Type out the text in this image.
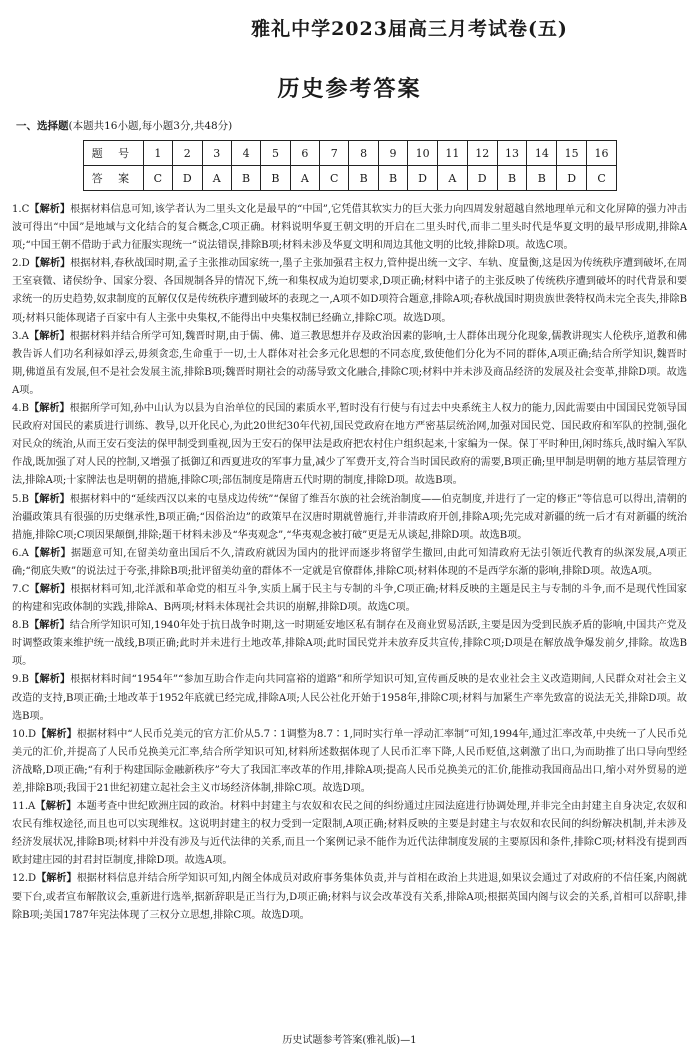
雅礼中学2023届高三月考试卷(五)
历史参考答案
一、选择题(本题共16小题,每小题3分,共48分)
题 号	1	2	3	4	5	6	7	8	9	10	11	12	13	14	15	16
答 案	C	D	A	B	B	A	C	B	B	D	A	D	B	B	D	C

1.C【解析】根据材料信息可知,该学者认为二里头文化是最早的“中国”,它凭借其软实力的巨大张力向四周发射超越自然地理单元和文化屏障的强力冲击波可得出“中国”是地域与文化结合的复合概念,C项正确。材料说明华夏王朝文明的开启在二里头时代,而非二里头时代是华夏文明的最早形成期,排除A项;“中国王朝不借助于武力征服实现统一”说法错误,排除B项;材料未涉及华夏文明和周边其他文明的比较,排除D项。故选C项。

2.D【解析】根据材料,春秋战国时期,孟子主张推动国家统一,墨子主张加强君主权力,管仲提出统一文字、车轨、度量衡,这是因为传统秩序遭到破坏,在周王室衰微、诸侯纷争、国家分裂、各国规制各异的情况下,统一和集权成为迫切要求,D项正确;材料中诸子的主张反映了传统秩序遭到破坏的时代背景和要求统一的历史趋势,奴隶制度的瓦解仅仅是传统秩序遭到破坏的表现之一,A项不如D项符合题意,排除A项;春秋战国时期贵族世袭特权尚未完全丧失,排除B项;材料只能体现诸子百家中有人主张中央集权,不能得出中央集权制已经确立,排除C项。故选D项。

3.A【解析】根据材料并结合所学可知,魏晋时期,由于儒、佛、道三教思想并存及政治因素的影响,士人群体出现分化现象,儒教讲现实人伦秩序,道教和佛教告诉人们功名利禄如浮云,毋须贪恋,生命重于一切,士人群体对社会多元化思想的不同态度,致使他们分化为不同的群体,A项正确;结合所学知识,魏晋时期,佛道虽有发展,但不是社会发展主流,排除B项;魏晋时期社会的动荡导致文化融合,排除C项;材料中并未涉及商品经济的发展及社会变革,排除D项。故选A项。

4.B【解析】根据所学可知,孙中山认为以县为自治单位的民国的素质水平,暂时没有行使与有过去中央系统主人权力的能力,因此需要由中国国民党领导国民政府对国民的素质进行训练、教导,以开化民心,为此20世纪30年代初,国民党政府在地方严密基层统治网,加强对国民党、国民政府和军队的控制,强化对民众的统治,从而王安石变法的保甲制受到重视,因为王安石的保甲法是政府把农村住户组织起来,十家编为一保。保丁平时种田,闲时练兵,战时编入军队作战,既加强了对人民的控制,又增强了抵御辽和西夏进攻的军事力量,减少了军费开支,符合当时国民政府的需要,B项正确;里甲制是明朝的地方基层管理方法,排除A项;十家牌法也是明朝的措施,排除C项;部伍制度是隋唐五代时期的制度,排除D项。故选B项。

5.B【解析】根据材料中的“延续西汉以来的屯垦戍边传统”“保留了维吾尔族的社会统治制度——伯克制度,并进行了一定的修正”等信息可以得出,清朝的治疆政策具有很强的历史继承性,B项正确;“因俗治边”的政策早在汉唐时期就曾施行,并非清政府开创,排除A项;先完成对新疆的统一后才有对新疆的统治措施,排除C项;C项因果颠倒,排除;题干材料未涉及“华夷观念”,“华夷观念被打破”更是无从谈起,排除D项。故选B项。

6.A【解析】据题意可知,在留美幼童出国后不久,清政府就因为国内的批评而逐步将留学生撤回,由此可知清政府无法引领近代教育的纵深发展,A项正确;“彻底失败”的说法过于夸张,排除B项;批评留美幼童的群体不一定就是官僚群体,排除C项;材料体现的不是西学东渐的影响,排除D项。故选A项。

7.C【解析】根据材料可知,北洋派和革命党的相互斗争,实质上属于民主与专制的斗争,C项正确;材料反映的主题是民主与专制的斗争,而不是现代性国家的构建和宪政体制的实践,排除A、B两项;材料未体现社会共识的崩解,排除D项。故选C项。

8.B【解析】结合所学知识可知,1940年处于抗日战争时期,这一时期延安地区私有制存在及商业贸易活跃,主要是因为受到民族矛盾的影响,中国共产党及时调整政策来维护统一战线,B项正确;此时并未进行土地改革,排除A项;此时国民党并未放弃反共宣传,排除C项;D项是在解放战争爆发前夕,排除。故选B项。

9.B【解析】根据材料时间“1954年”“参加互助合作走向共同富裕的道路”和所学知识可知,宣传画反映的是农业社会主义改造期间,人民群众对社会主义改造的支持,B项正确;土地改革于1952年底就已经完成,排除A项;人民公社化开始于1958年,排除C项;材料与加紧生产率先致富的说法无关,排除D项。故选B项。

10.D【解析】根据材料中“人民币兑美元的官方汇价从5.7∶1调整为8.7∶1,同时实行单一浮动汇率制”可知,1994年,通过汇率改革,中央统一了人民币兑美元的汇价,并提高了人民币兑换美元汇率,结合所学知识可知,材料所述数据体现了人民币汇率下降,人民币贬值,这刺激了出口,为而助推了出口导向型经济战略,D项正确;“有利于构建国际金融新秩序”夸大了我国汇率改革的作用,排除A项;提高人民币兑换美元的汇价,能推动我国商品出口,缩小对外贸易的逆差,排除B项;我国于21世纪初建立起社会主义市场经济体制,排除C项。故选D项。

11.A【解析】本题考查中世纪欧洲庄园的政治。材料中封建主与农奴和农民之间的纠纷通过庄园法庭进行协调处理,并非完全由封建主自身决定,农奴和农民有维权途径,而且也可以实现维权。这说明封建主的权力受到一定限制,A项正确;材料反映的主要是封建主与农奴和农民间的纠纷解决机制,并未涉及经济发展状况,排除B项;材料中并没有涉及与近代法律的关系,而且一个案例记录不能作为近代法律制度发展的主要原因和条件,排除C项;材料没有提到西欧封建庄园的封君封臣制度,排除D项。故选A项。

12.D【解析】根据材料信息并结合所学知识可知,内阁全体成员对政府事务集体负责,并与首相在政治上共进退,如果议会通过了对政府的不信任案,内阁就要下台,或者宣布解散议会,重新进行选举,据新辞职是正当行为,D项正确;材料与议会改革没有关系,排除A项;根据英国内阁与议会的关系,首相可以辞职,排除B项;美国1787年宪法体现了三权分立思想,排除C项。故选D项。

历史试题参考答案(雅礼版)—1
